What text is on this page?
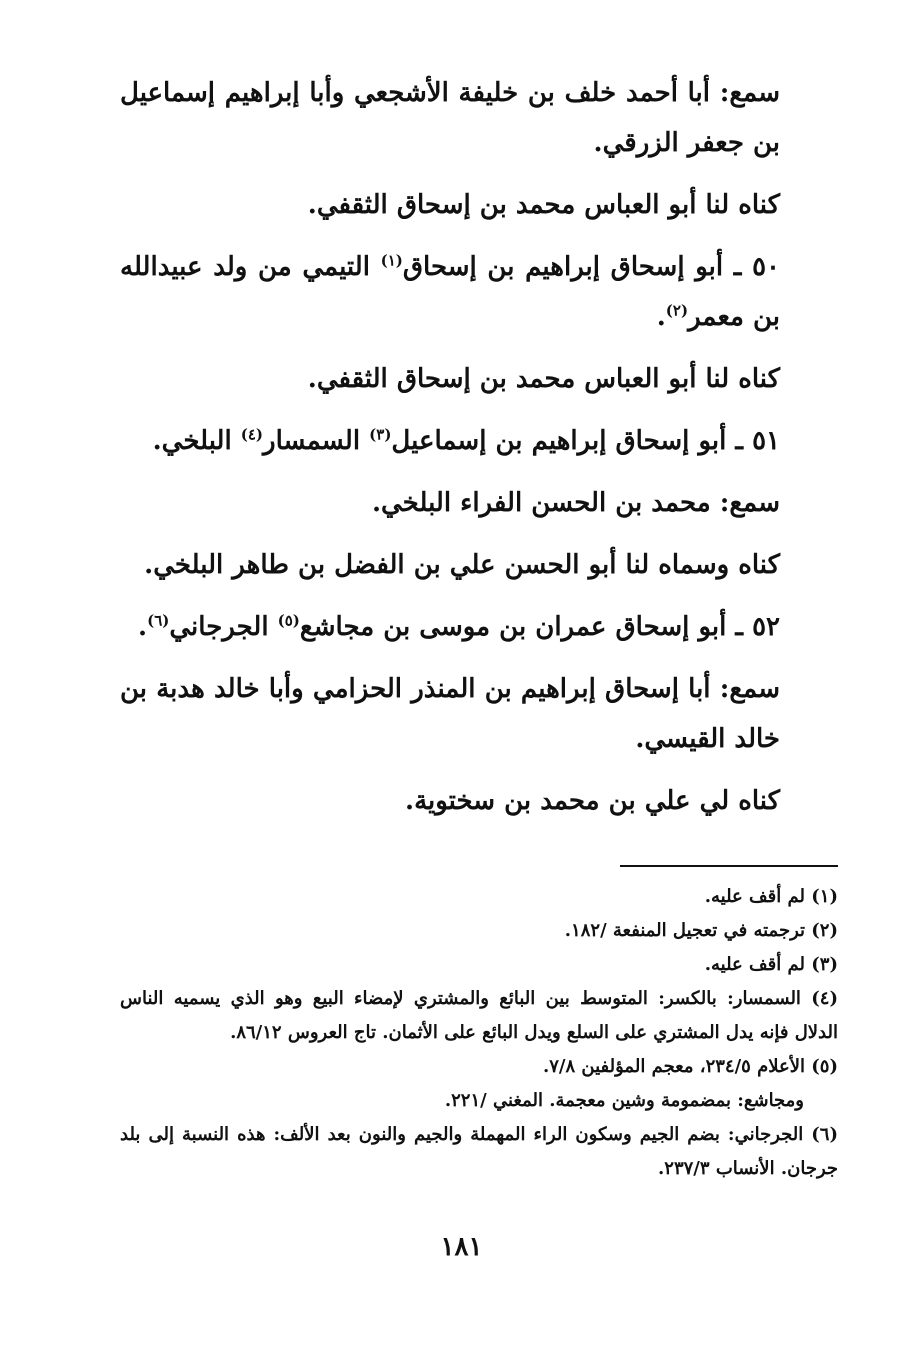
سمع: أبا أحمد خلف بن خليفة الأشجعي وأبا إبراهيم إسماعيل بن جعفر الزرقي.

كناه لنا أبو العباس محمد بن إسحاق الثقفي.

٥٠ ـ أبو إسحاق إبراهيم بن إسحاق$^{(١)}$ التيمي من ولد عبيدالله بن معمر$^{(٢)}$.

كناه لنا أبو العباس محمد بن إسحاق الثقفي.

٥١ ـ أبو إسحاق إبراهيم بن إسماعيل$^{(٣)}$ السمسار$^{(٤)}$ البلخي.

سمع: محمد بن الحسن الفراء البلخي.

كناه وسماه لنا أبو الحسن علي بن الفضل بن طاهر البلخي.

٥٢ ـ أبو إسحاق عمران بن موسى بن مجاشع$^{(٥)}$ الجرجاني$^{(٦)}$.

سمع: أبا إسحاق إبراهيم بن المنذر الحزامي وأبا خالد هدبة بن خالد القيسي.

كناه لي علي بن محمد بن سختوية.

(١) لم أقف عليه.

(٢) ترجمته في تعجيل المنفعة /١٨٢.

(٣) لم أقف عليه.

(٤) السمسار: بالكسر: المتوسط بين البائع والمشتري لإمضاء البيع وهو الذي يسميه الناس الدلال فإنه يدل المشتري على السلع ويدل البائع على الأثمان. تاج العروس ٨٦/١٢.

(٥) الأعلام ٢٣٤/٥، معجم المؤلفين ٧/٨.

ومجاشع: بمضمومة وشين معجمة. المغني /٢٢١.

(٦) الجرجاني: بضم الجيم وسكون الراء المهملة والجيم والنون بعد الألف: هذه النسبة إلى بلد جرجان. الأنساب ٢٣٧/٣.

١٨١
